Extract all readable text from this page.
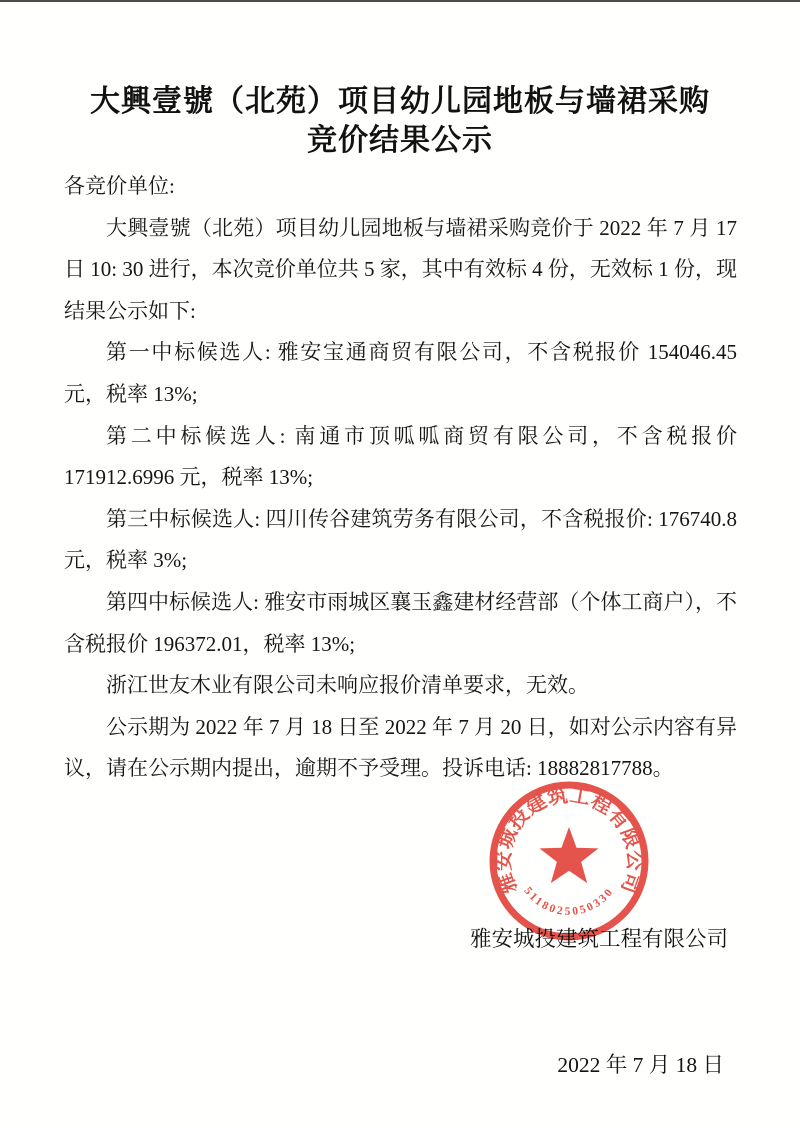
大興壹號（北苑）项目幼儿园地板与墙裙采购
竞价结果公示

各竞价单位:

大興壹號（北苑）项目幼儿园地板与墙裙采购竞价于 2022 年 7 月 17 日 10: 30 进行，本次竞价单位共 5 家，其中有效标 4 份，无效标 1 份，现结果公示如下:

第一中标候选人: 雅安宝通商贸有限公司，不含税报价 154046.45 元，税率 13%;

第二中标候选人: 南通市顶呱呱商贸有限公司，不含税报价 171912.6996 元，税率 13%;

第三中标候选人: 四川传谷建筑劳务有限公司，不含税报价: 176740.8 元，税率 3%;

第四中标候选人: 雅安市雨城区襄玉鑫建材经营部（个体工商户），不含税报价 196372.01，税率 13%;

浙江世友木业有限公司未响应报价清单要求，无效。

公示期为 2022 年 7 月 18 日至 2022 年 7 月 20 日，如对公示内容有异议，请在公示期内提出，逾期不予受理。投诉电话: 18882817788。

雅安城投建筑工程有限公司

2022 年 7 月 18 日

雅安城投建筑工程有限公司
5118025050330
